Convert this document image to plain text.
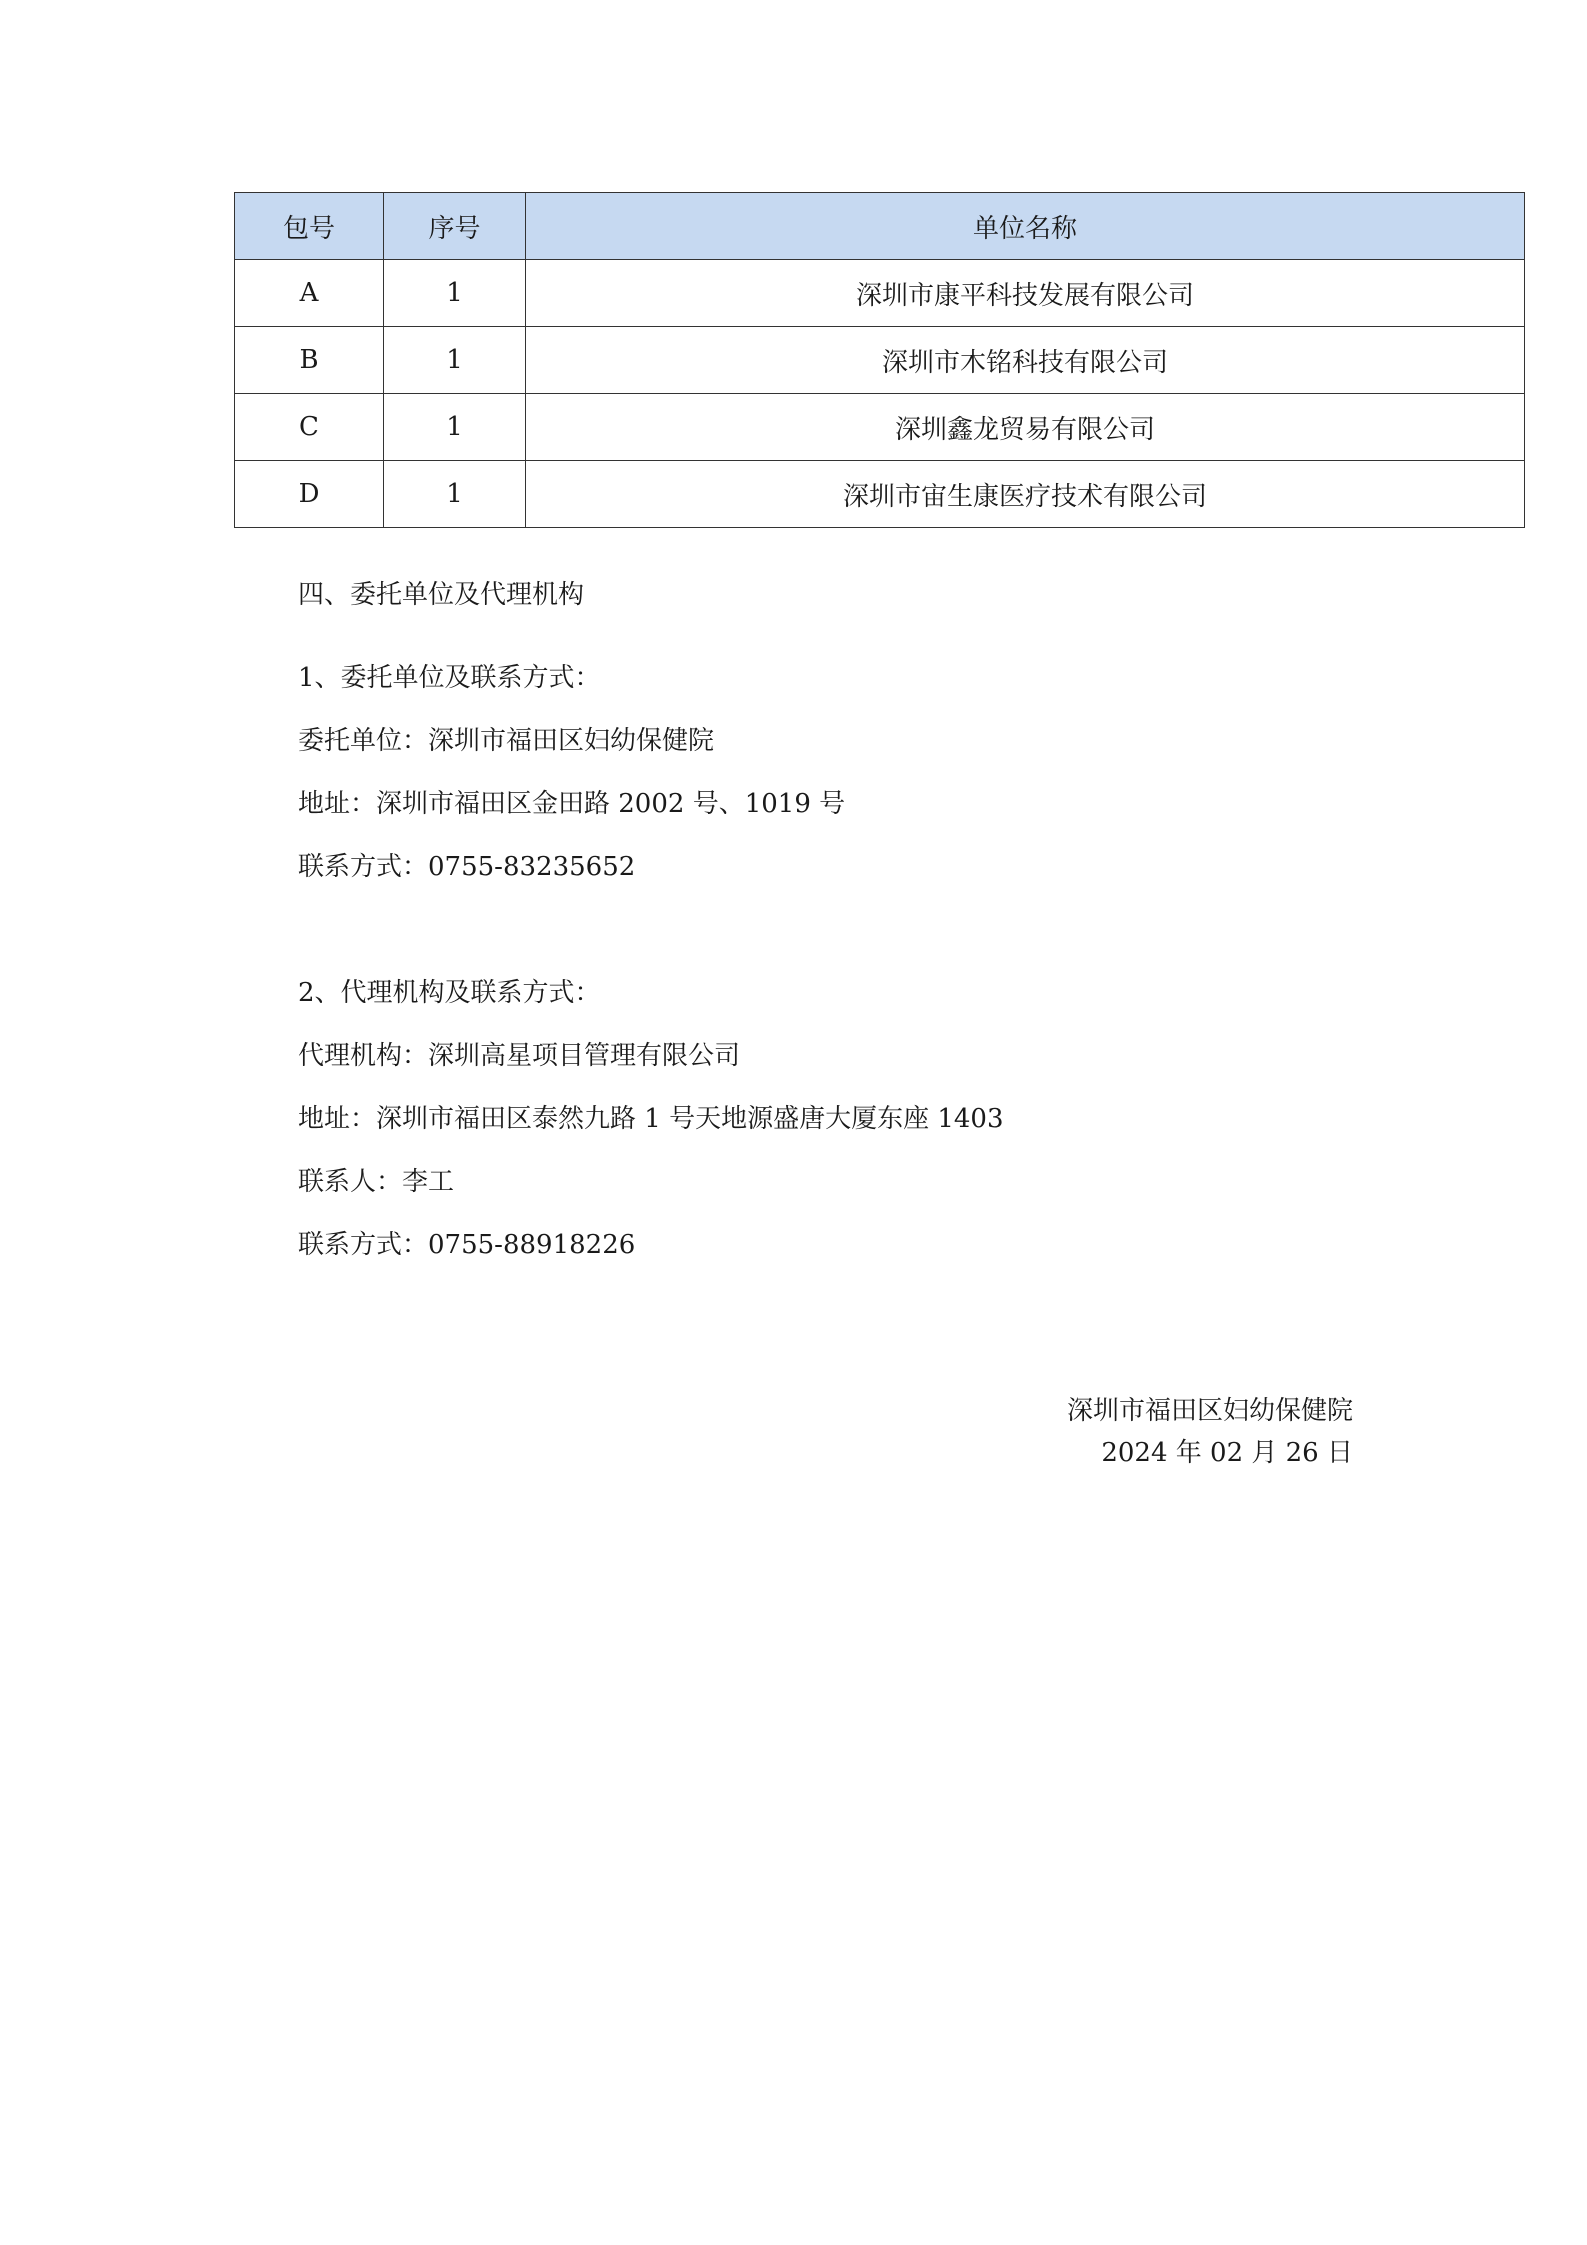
包号	序号	单位名称
A	1	深圳市康平科技发展有限公司
B	1	深圳市木铭科技有限公司
C	1	深圳鑫龙贸易有限公司
D	1	深圳市宙生康医疗技术有限公司
四、委托单位及代理机构
1、委托单位及联系方式：
委托单位：深圳市福田区妇幼保健院
地址：深圳市福田区金田路 2002 号、1019 号
联系方式：0755-83235652
2、代理机构及联系方式：
代理机构：深圳高星项目管理有限公司
地址：深圳市福田区泰然九路 1 号天地源盛唐大厦东座 1403
联系人：李工
联系方式：0755-88918226
深圳市福田区妇幼保健院
2024 年 02 月 26 日
